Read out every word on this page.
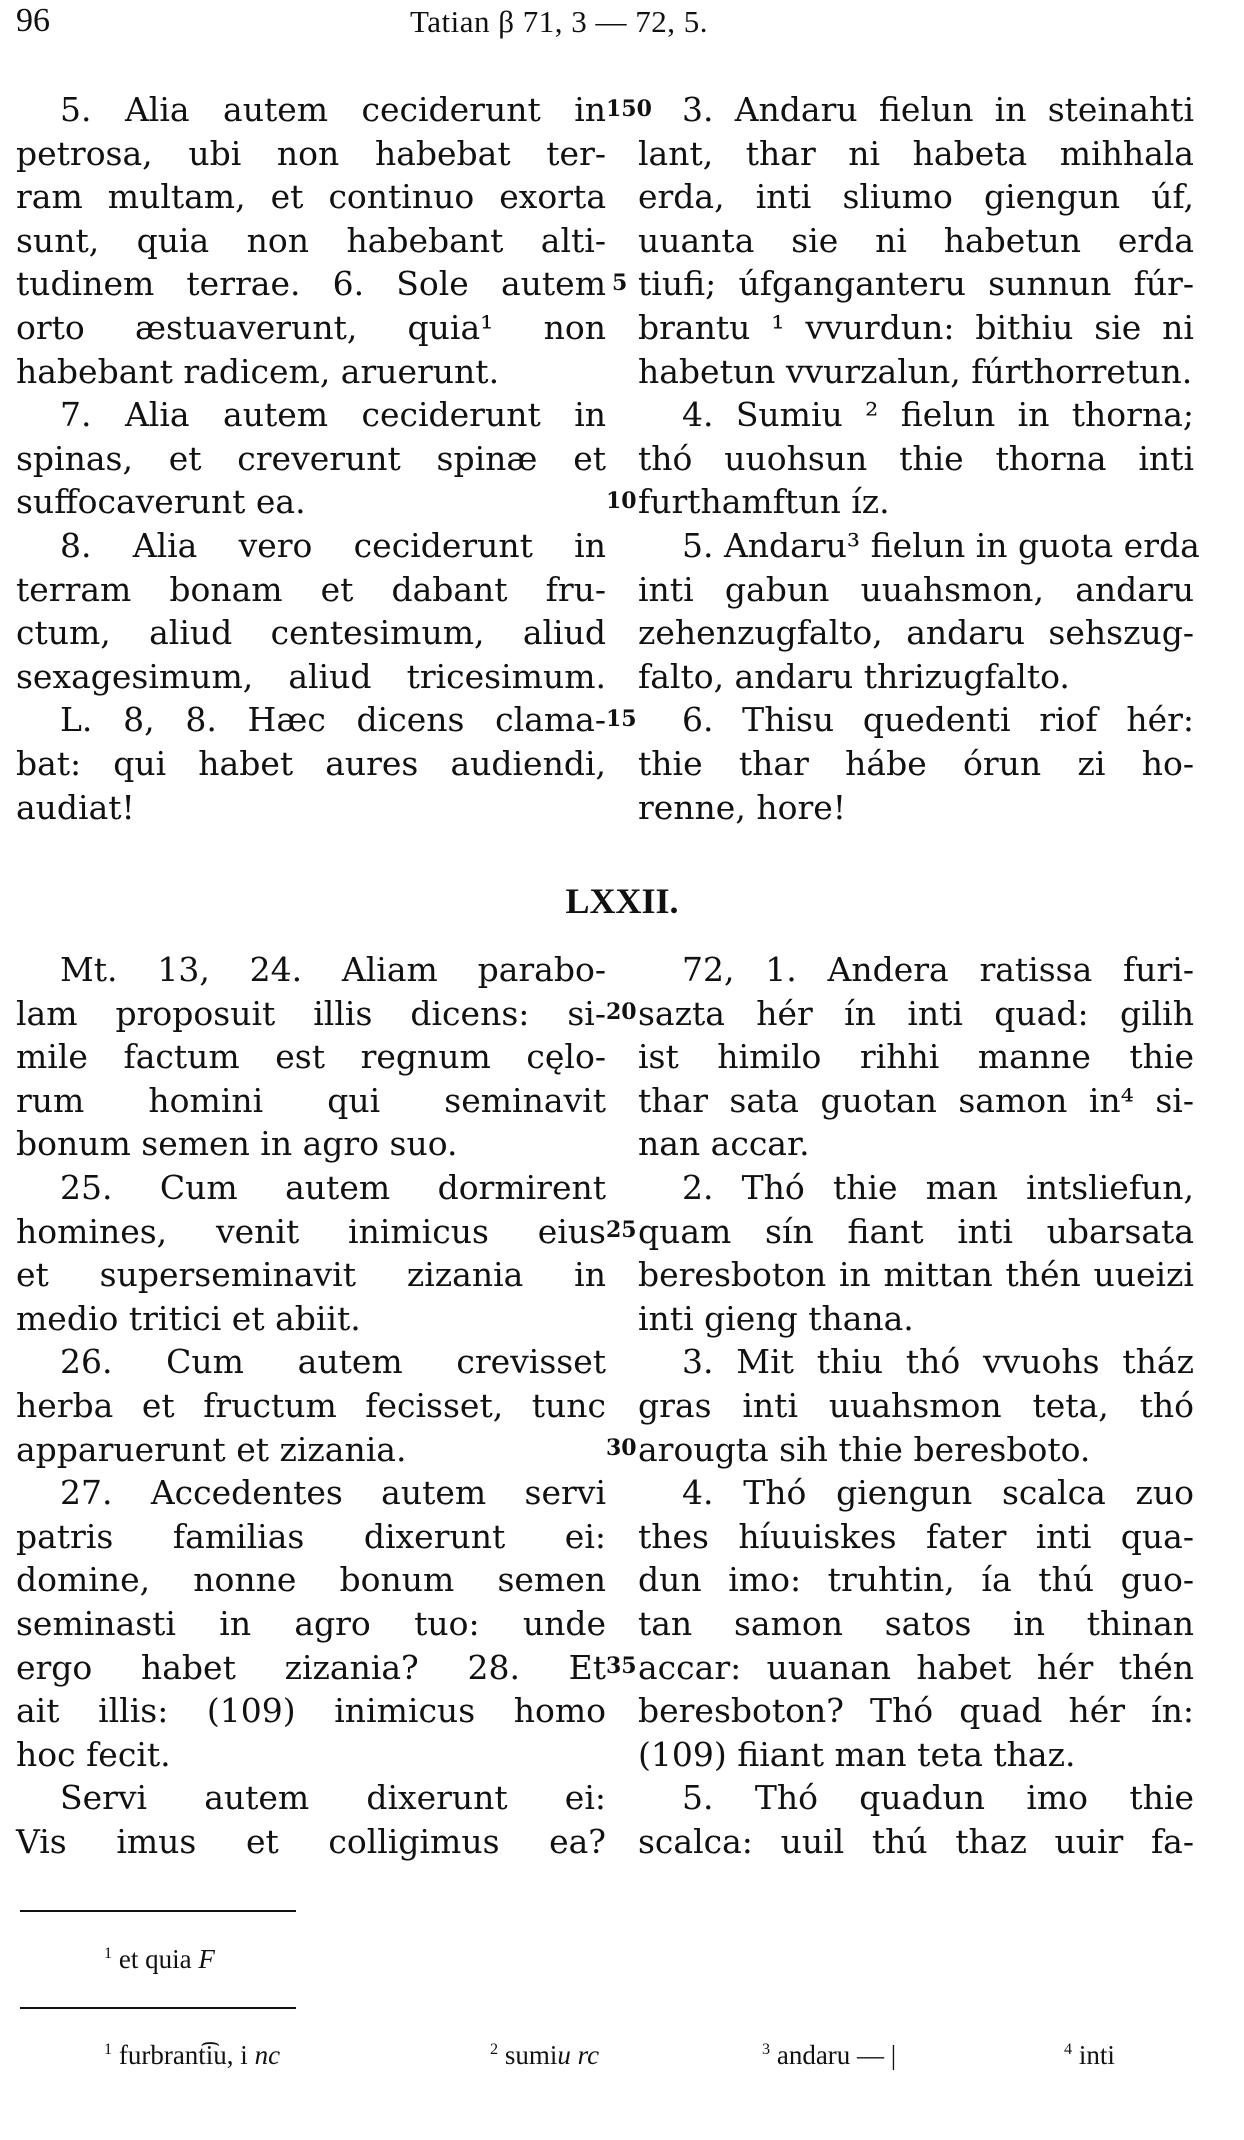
96	Tatian β 71, 3 — 72, 5.
5. Alia autem ceciderunt in
petrosa, ubi non habebat ter-
ram multam, et continuo exorta
sunt, quia non habebant alti-
tudinem terrae. 6. Sole autem
orto æstuaverunt, quia¹ non
habebant radicem, aruerunt.
7. Alia autem ceciderunt in
spinas, et creverunt spinæ et
suffocaverunt ea.
8. Alia vero ceciderunt in
terram bonam et dabant fru-
ctum, aliud centesimum, aliud
sexagesimum, aliud tricesimum.
L. 8, 8. Hæc dicens clama-
bat: qui habet aures audiendi,
audiat!
3. Andaru fielun in steinahti
lant, thar ni habeta mihhala
erda, inti sliumo giengun úf,
uuanta sie ni habetun erda
tiufi; úfganganteru sunnun fúr-
brantu ¹ vvurdun: bithiu sie ni
habetun vvurzalun, fúrthorretun.
4. Sumiu ² fielun in thorna;
thó uuohsun thie thorna inti
furthamftun íz.
5. Andaru³ fielun in guota erda
inti gabun uuahsmon, andaru
zehenzugfalto, andaru sehszug-
falto, andaru thrizugfalto.
6. Thisu quedenti riof hér:
thie thar hábe órun zi ho-
renne, hore!
150
5
10
15
LXXII.
Mt. 13, 24. Aliam parabo-
lam proposuit illis dicens: si-
mile factum est regnum cęlo-
rum homini qui seminavit
bonum semen in agro suo.
25. Cum autem dormirent
homines, venit inimicus eius
et superseminavit zizania in
medio tritici et abiit.
26. Cum autem crevisset
herba et fructum fecisset, tunc
apparuerunt et zizania.
27. Accedentes autem servi
patris familias dixerunt ei:
domine, nonne bonum semen
seminasti in agro tuo: unde
ergo habet zizania? 28. Et
ait illis: (109) inimicus homo
hoc fecit.
Servi autem dixerunt ei:
Vis imus et colligimus ea?
72, 1. Andera ratissa furi-
sazta hér ín inti quad: gilih
ist himilo rihhi manne thie
thar sata guotan samon in⁴ si-
nan accar.
2. Thó thie man intsliefun,
quam sín fiant inti ubarsata
beresboton in mittan thén uueizi
inti gieng thana.
3. Mit thiu thó vvuohs tház
gras inti uuahsmon teta, thó
arougta sih thie beresboto.
4. Thó giengun scalca zuo
thes híuuiskes fater inti qua-
dun imo: truhtin, ía thú guo-
tan samon satos in thinan
accar: uuanan habet hér thén
beresboton? Thó quad hér ín:
(109) fiiant man teta thaz.
5. Thó quadun imo thie
scalca: uuil thú thaz uuir fa-
20
25
30
35
$^1$ et quia F
$^1$ furbrant͡iu, i nc	$^2$ sumiu rc	$^3$ andaru — |	$^4$ inti
